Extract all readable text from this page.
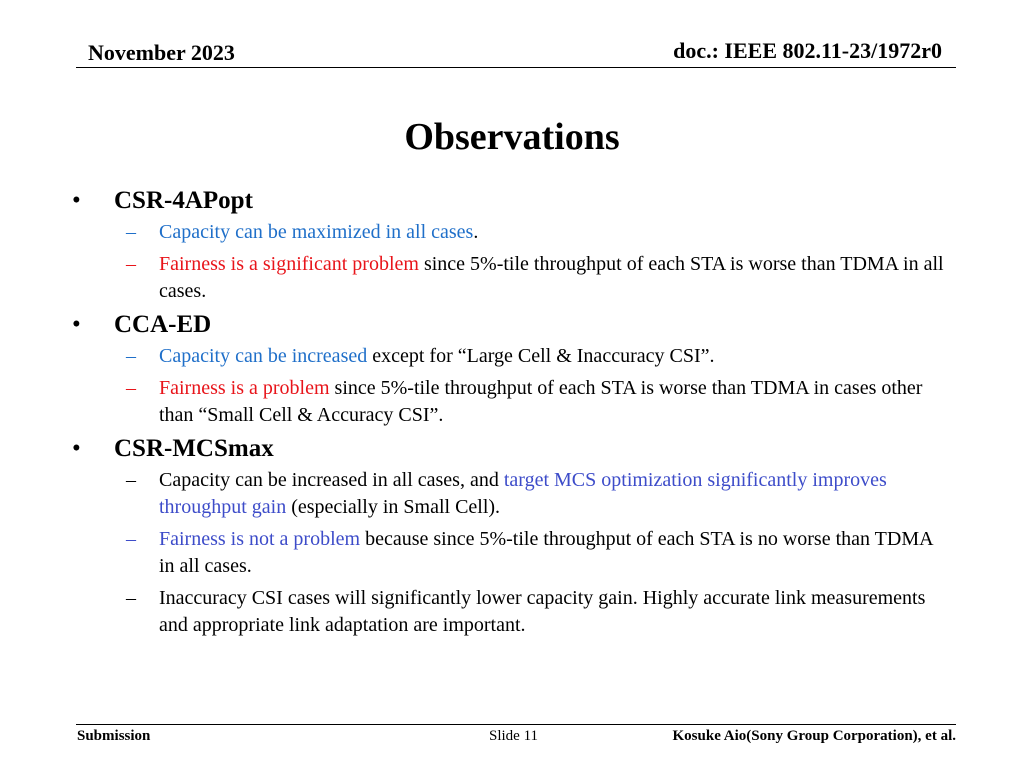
November 2023	doc.: IEEE 802.11-23/1972r0
Observations
• CSR-4APopt
– Capacity can be maximized in all cases.
– Fairness is a significant problem since 5%-tile throughput of each STA is worse than TDMA in all cases.
• CCA-ED
– Capacity can be increased except for “Large Cell & Inaccuracy CSI”.
– Fairness is a problem since 5%-tile throughput of each STA is worse than TDMA in cases other than “Small Cell & Accuracy CSI”.
• CSR-MCSmax
– Capacity can be increased in all cases, and target MCS optimization significantly improves throughput gain (especially in Small Cell).
– Fairness is not a problem because since 5%-tile throughput of each STA is no worse than TDMA in all cases.
– Inaccuracy CSI cases will significantly lower capacity gain. Highly accurate link measurements and appropriate link adaptation are important.
Submission	Slide 11	Kosuke Aio(Sony Group Corporation), et al.
